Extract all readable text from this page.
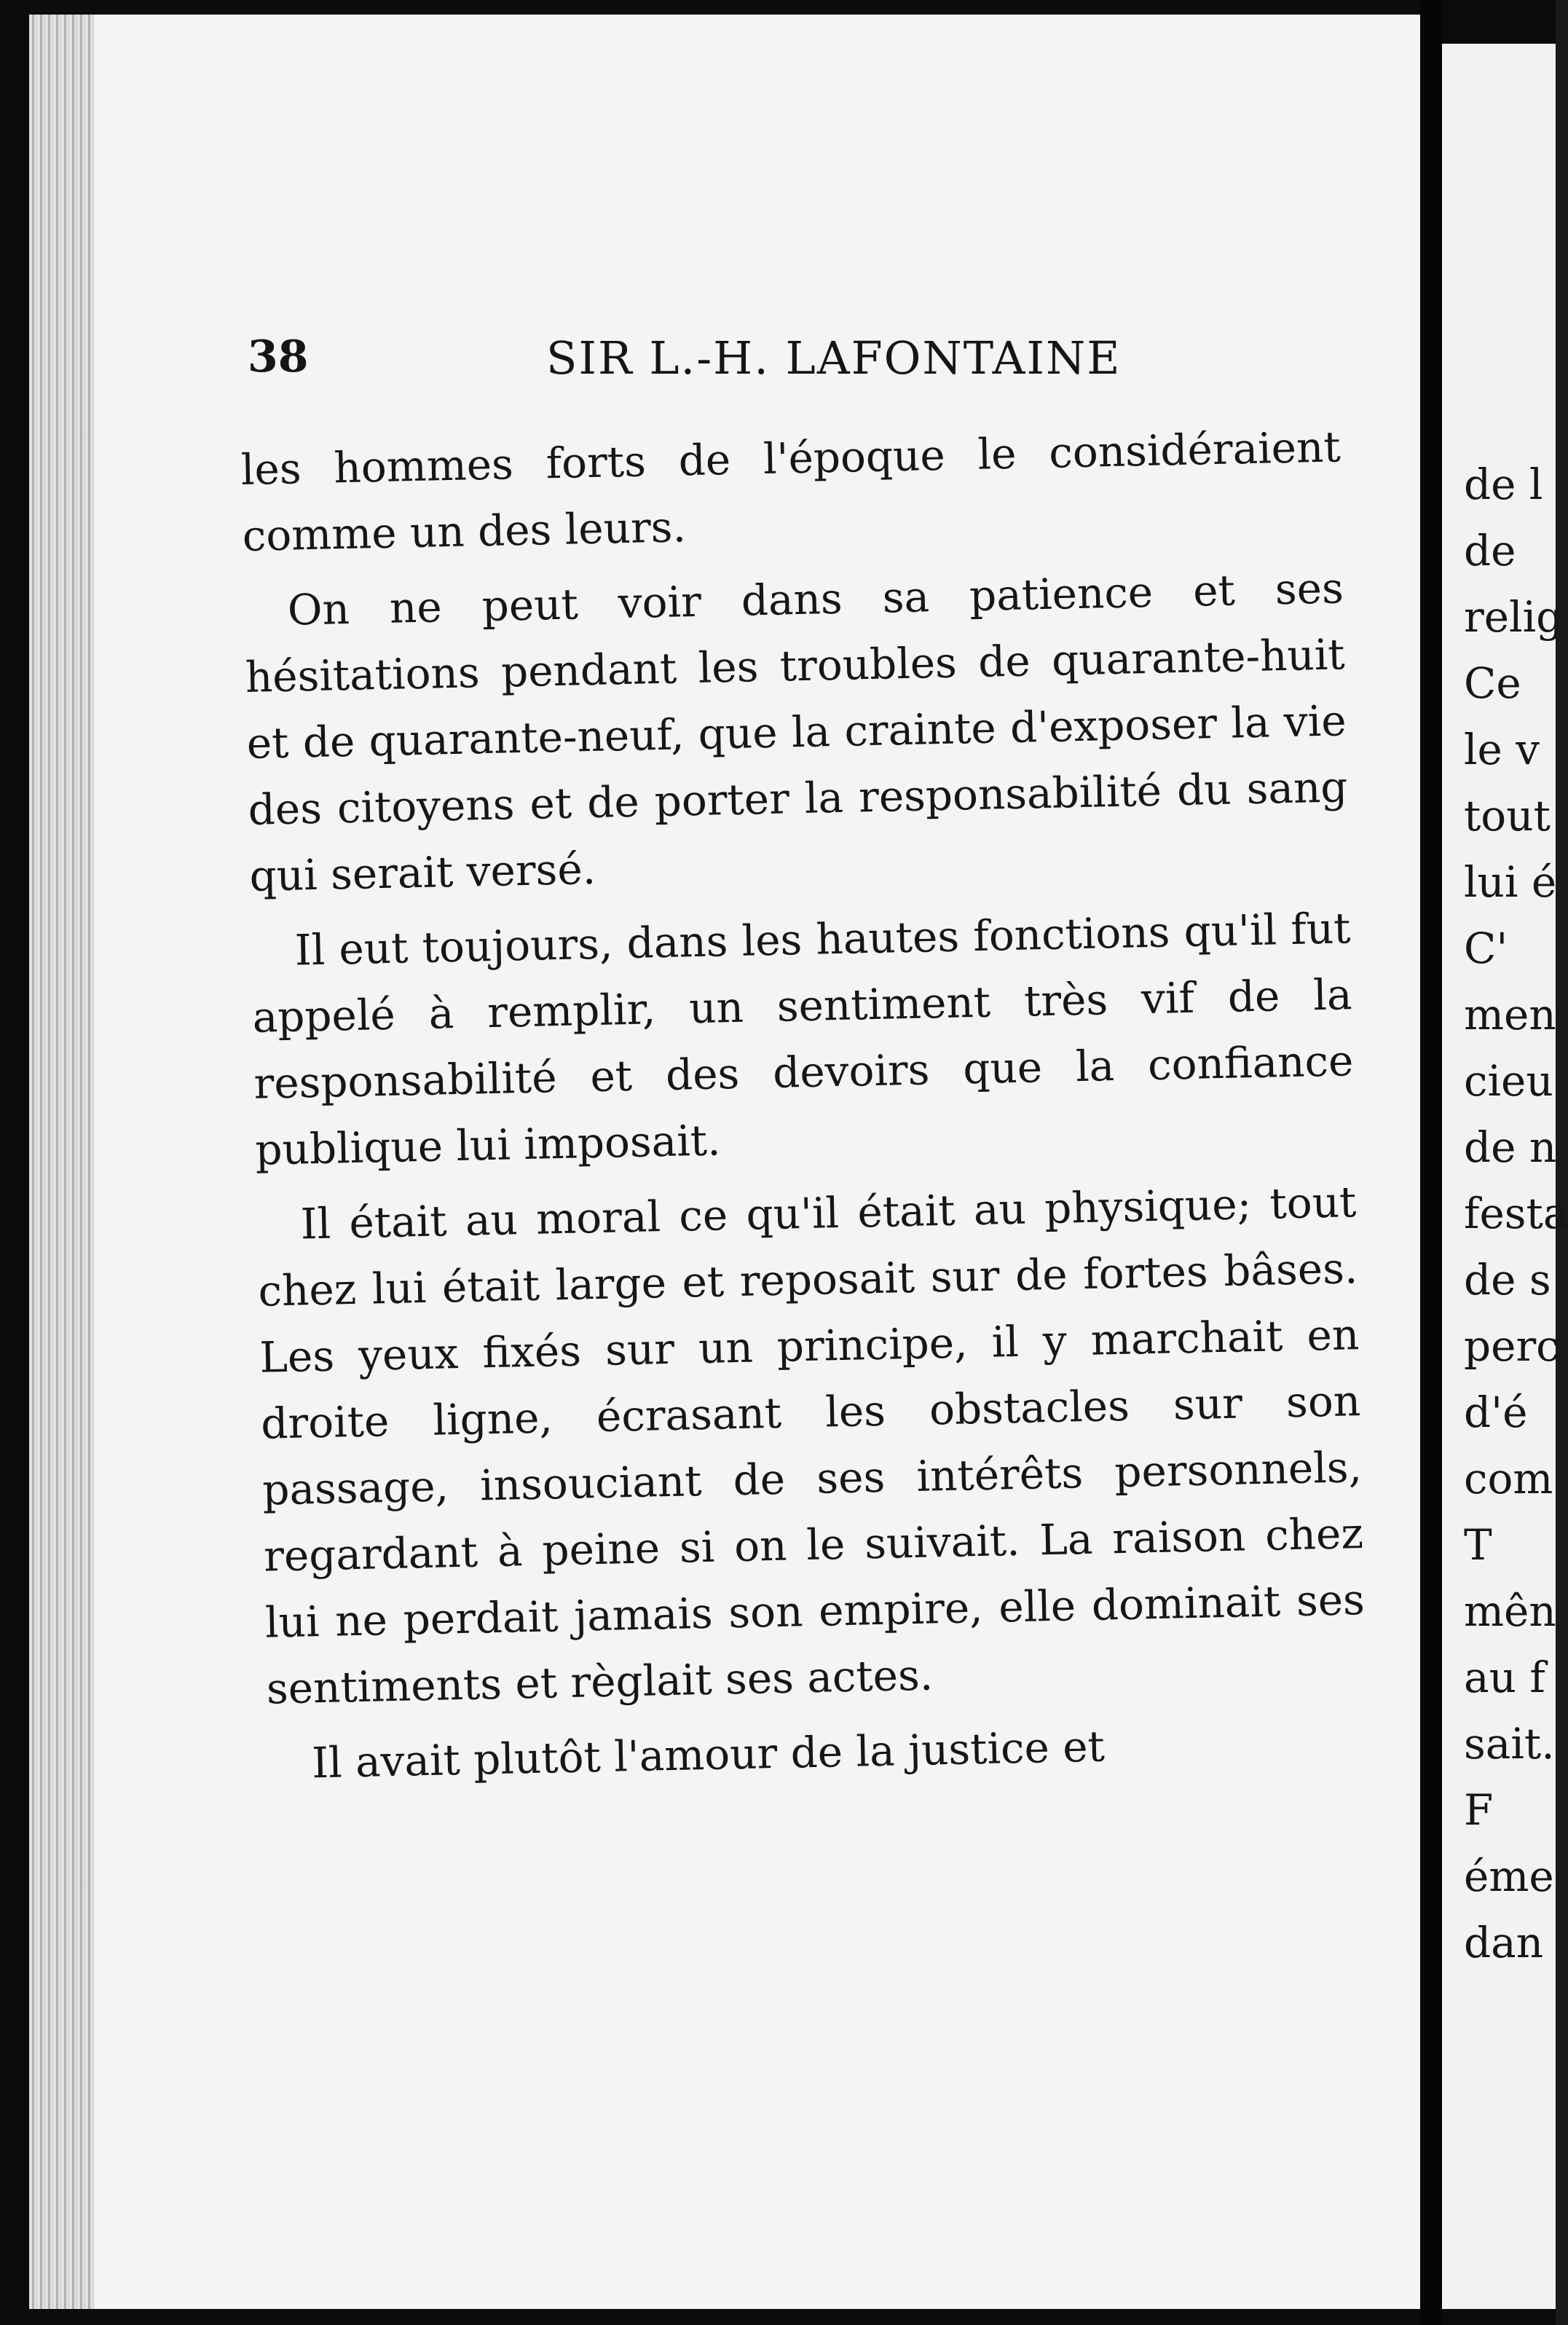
38	SIR L.-H. LAFONTAINE

les hommes forts de l'époque le considéraient comme un des leurs.

On ne peut voir dans sa patience et ses hésitations pendant les troubles de quarante-huit et de quarante-neuf, que la crainte d'exposer la vie des citoyens et de porter la responsabilité du sang qui serait versé.

Il eut toujours, dans les hautes fonctions qu'il fut appelé à remplir, un sentiment très vif de la responsabilité et des devoirs que la confiance publique lui imposait.

Il était au moral ce qu'il était au physique; tout chez lui était large et reposait sur de fortes bâses. Les yeux fixés sur un principe, il y marchait en droite ligne, écrasant les obstacles sur son passage, insouciant de ses intérêts personnels, regardant à peine si on le suivait. La raison chez lui ne perdait jamais son empire, elle dominait ses sentiments et règlait ses actes.

Il avait plutôt l'amour de la justice et

de l
de
relig
Ce
le v
tout
lui é
C'
men
cieu
de n
festa
de s
perc
d'é
com
T
mên
au f
sait.
F
éme
dan
